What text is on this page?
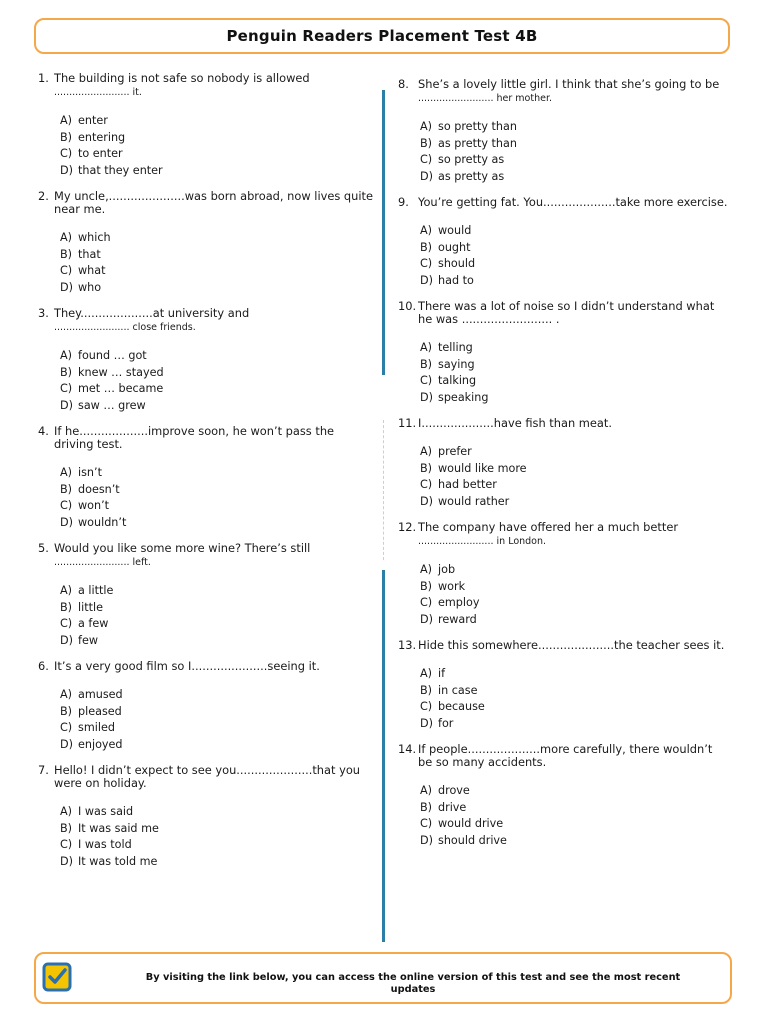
Penguin Readers Placement Test 4B
1. The building is not safe so nobody is allowed
......................... it.
A) enter
B) entering
C) to enter
D) that they enter
2. My uncle,.....................was born abroad, now lives quite near me.
A) which
B) that
C) what
D) who
3. They....................at university and
......................... close friends.
A) found … got
B) knew … stayed
C) met … became
D) saw … grew
4. If he...................improve soon, he won’t pass the driving test.
A) isn’t
B) doesn’t
C) won’t
D) wouldn’t
5. Would you like some more wine? There’s still
......................... left.
A) a little
B) little
C) a few
D) few
6. It’s a very good film so I.....................seeing it.
A) amused
B) pleased
C) smiled
D) enjoyed
7. Hello! I didn’t expect to see you.....................that you were on holiday.
A) I was said
B) It was said me
C) I was told
D) It was told me
8. She’s a lovely little girl. I think that she’s going to be
......................... her mother.
A) so pretty than
B) as pretty than
C) so pretty as
D) as pretty as
9. You’re getting fat. You....................take more exercise.
A) would
B) ought
C) should
D) had to
10. There was a lot of noise so I didn’t understand what he was ......................... .
A) telling
B) saying
C) talking
D) speaking
11. I....................have fish than meat.
A) prefer
B) would like more
C) had better
D) would rather
12. The company have offered her a much better
......................... in London.
A) job
B) work
C) employ
D) reward
13. Hide this somewhere.....................the teacher sees it.
A) if
B) in case
C) because
D) for
14. If people....................more carefully, there wouldn’t be so many accidents.
A) drove
B) drive
C) would drive
D) should drive
By visiting the link below, you can access the online version of this test and see the most recent updates
